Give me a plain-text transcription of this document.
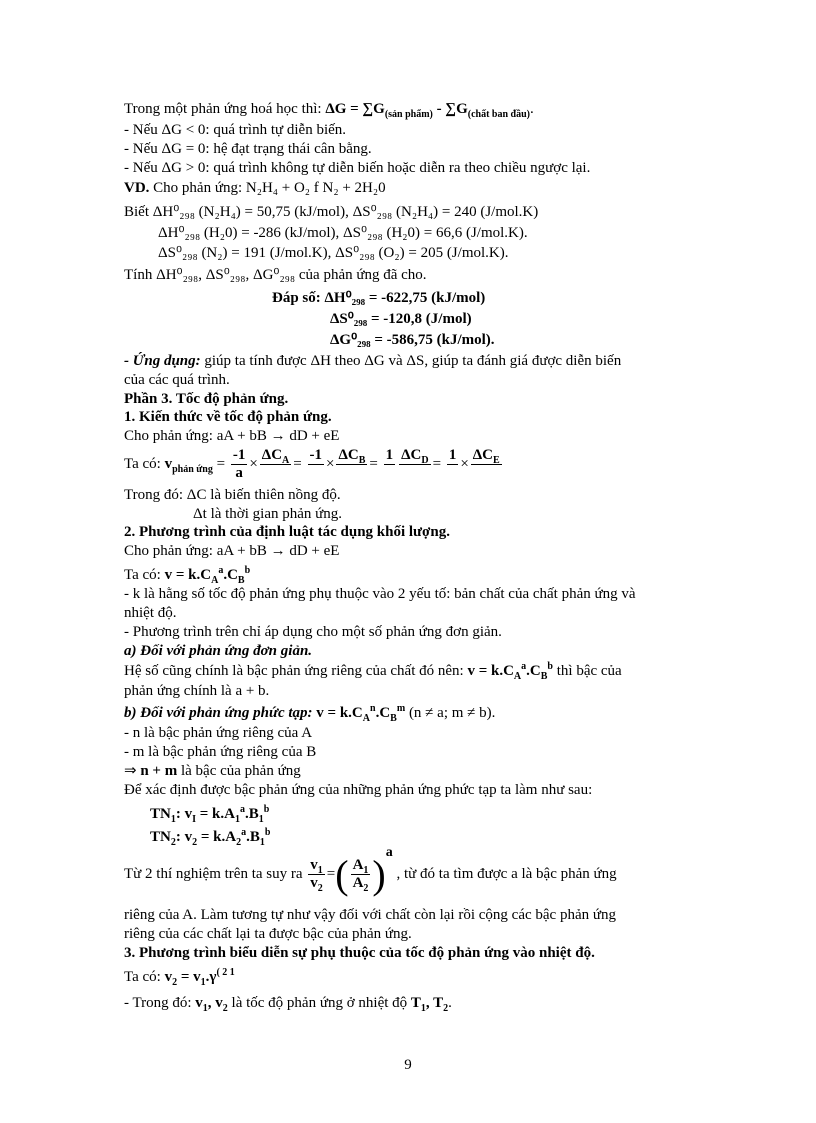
Trong một phản ứng hoá học thì: $\Delta G = \sum G_{(sản phẩm)} - \sum G_{(chất ban đầu)}$.
- Nếu ΔG < 0: quá trình tự diễn biến.
- Nếu ΔG = 0: hệ đạt trạng thái cân bằng.
- Nếu ΔG > 0: quá trình không tự diễn biến hoặc diễn ra theo chiều ngược lại.
VD. Cho phản ứng: N₂H₄ + O₂ f N₂ + 2H₂0
Biết ΔH⁰₂₉₈ (N₂H₄) = 50,75 (kJ/mol), ΔS⁰₂₉₈ (N₂H₄) = 240 (J/mol.K)
ΔH⁰₂₉₈ (H₂0) = -286 (kJ/mol), ΔS⁰₂₉₈ (H₂0) = 66,6 (J/mol.K).
ΔS⁰₂₉₈ (N₂) = 191 (J/mol.K), ΔS⁰₂₉₈ (O₂) = 205 (J/mol.K).
Tính ΔH⁰₂₉₈, ΔS⁰₂₉₈, ΔG⁰₂₉₈ của phản ứng đã cho.
Đáp số: ΔH⁰₂₉₈ = -622,75 (kJ/mol)
ΔS⁰₂₉₈ = -120,8 (J/mol)
ΔG⁰₂₉₈ = -586,75 (kJ/mol).
- Ứng dụng: giúp ta tính được ΔH theo ΔG và ΔS, giúp ta đánh giá được diễn biến
của các quá trình.
Phần 3. Tốc độ phản ứng.
1. Kiến thức về tốc độ phản ứng.
Cho phản ứng: aA + bB → dD + eE
Ta có: $v_{phản ứng} = \frac{-1}{a}$ ×
$\Delta C_A$
=
-1

×
$\Delta C_B$
=
1
$\Delta C_D$
=
1

×
$\Delta C_E$

Trong đó: ΔC là biến thiên nồng độ.
Δt là thời gian phản ứng.
2. Phương trình của định luật tác dụng khối lượng.
Cho phản ứng: aA + bB → dD + eE
Ta có: $v = k.C_A^a.C_B^b$
- k là hằng số tốc độ phản ứng phụ thuộc vào 2 yếu tố: bản chất của chất phản ứng và
nhiệt độ.
- Phương trình trên chỉ áp dụng cho một số phản ứng đơn giản.
a) Đối với phản ứng đơn giản.
Hệ số cũng chính là bậc phản ứng riêng của chất đó nên: $v = k.C_A^a.C_B^b$ thì bậc của
phản ứng chính là a + b.
b) Đối với phản ứng phức tạp: $v = k.C_A^n.C_B^m$ (n ≠ a; m ≠ b).
- n là bậc phản ứng riêng của A
- m là bậc phản ứng riêng của B
⇒ n + m là bậc của phản ứng
Để xác định được bậc phản ứng của những phản ứng phức tạp ta làm như sau:
$TN_1$: $v_I = k.A_1^a.B_1^b$
$TN_2$: $v_2 = k.A_2^a.B_1^b$
Từ 2 thí nghiệm trên ta suy ra $\frac{v_1}{v_2}$ =( $\frac{A_1}{A_2} )^a$ , từ đó ta tìm được a là bậc phản ứng
riêng của A. Làm tương tự như vậy đối với chất còn lại rồi cộng các bậc phản ứng
riêng của các chất lại ta được bậc của phản ứng.
3. Phương trình biểu diễn sự phụ thuộc của tốc độ phản ứng vào nhiệt độ.
Ta có: $v_2 = v_1.\gamma^{( 2 1}$
- Trong đó: $v_1$, $v_2$ là tốc độ phản ứng ở nhiệt độ $T_1$, $T_2$.
9
